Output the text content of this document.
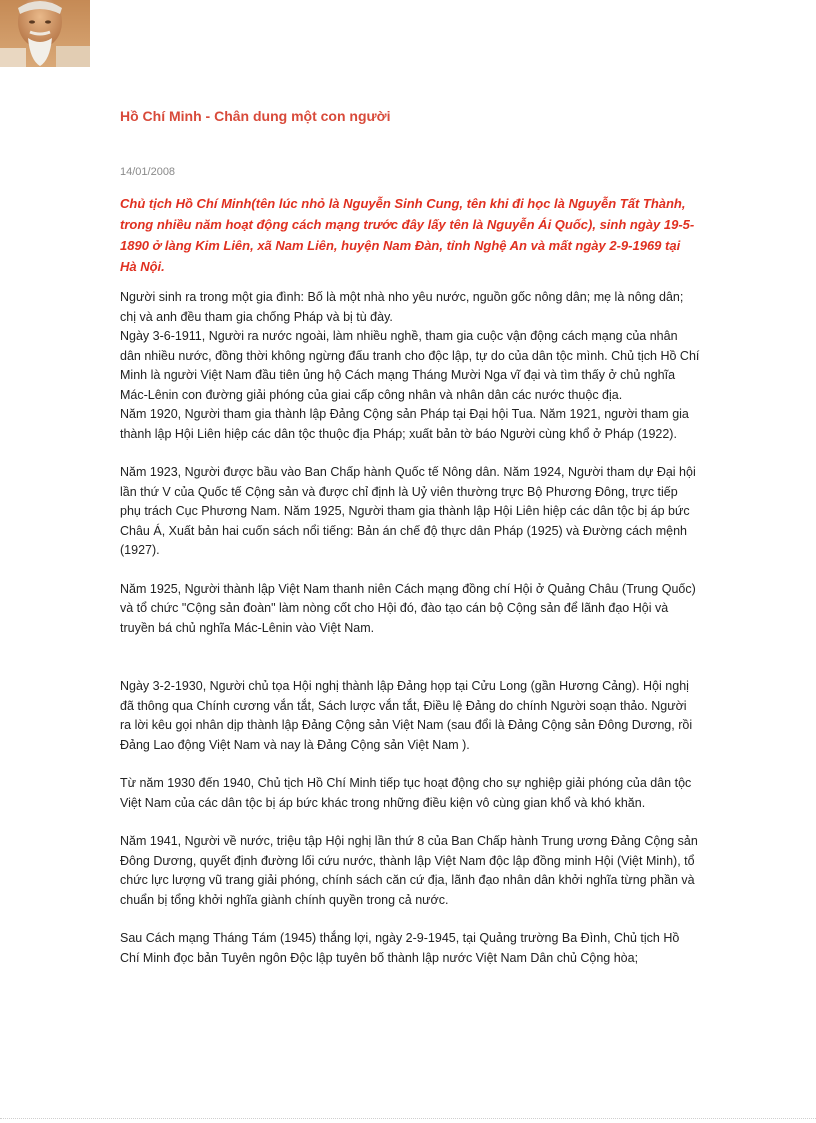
Hồ Chí Minh - Chân dung một con người
14/01/2008

Chủ tịch Hồ Chí Minh(tên lúc nhỏ là Nguyễn Sinh Cung, tên khi đi học là Nguyễn Tất Thành, trong nhiều năm hoạt động cách mạng trước đây lấy tên là Nguyễn Ái Quốc), sinh ngày 19-5-1890 ở làng Kim Liên, xã Nam Liên, huyện Nam Đàn, tỉnh Nghệ An và mất ngày 2-9-1969 tại Hà Nội.

Người sinh ra trong một gia đình: Bố là một nhà nho yêu nước, nguồn gốc nông dân; mẹ là nông dân; chị và anh đều tham gia chống Pháp và bị tù đày.
Ngày 3-6-1911, Người ra nước ngoài, làm nhiều nghề, tham gia cuộc vận động cách mạng của nhân dân nhiều nước, đồng thời không ngừng đấu tranh cho độc lập, tự do của dân tộc mình. Chủ tịch Hồ Chí Minh là người Việt Nam đầu tiên ủng hộ Cách mạng Tháng Mười Nga vĩ đại và tìm thấy ở chủ nghĩa Mác-Lênin con đường giải phóng của giai cấp công nhân và nhân dân các nước thuộc địa.
Năm 1920, Người tham gia thành lập Đảng Cộng sản Pháp tại Đại hội Tua. Năm 1921, người tham gia thành lập Hội Liên hiệp các dân tộc thuộc địa Pháp; xuất bản tờ báo Người cùng khổ ở Pháp (1922).

Năm 1923, Người được bầu vào Ban Chấp hành Quốc tế Nông dân. Năm 1924, Người tham dự Đại hội lần thứ V của Quốc tế Cộng sản và được chỉ định là Uỷ viên thường trực Bộ Phương Đông, trực tiếp phụ trách Cục Phương Nam. Năm 1925, Người tham gia thành lập Hội Liên hiệp các dân tộc bị áp bức Châu Á, Xuất bản hai cuốn sách nổi tiếng: Bản án chế độ thực dân Pháp (1925) và Đường cách mệnh (1927).

Năm 1925, Người thành lập Việt Nam thanh niên Cách mạng đồng chí Hội ở Quảng Châu (Trung Quốc) và tổ chức "Cộng sản đoàn" làm nòng cốt cho Hội đó, đào tạo cán bộ Cộng sản để lãnh đạo Hội và truyền bá chủ nghĩa Mác-Lênin vào Việt Nam.

Ngày 3-2-1930, Người chủ tọa Hội nghị thành lập Đảng họp tại Cửu Long (gần Hương Cảng). Hội nghị đã thông qua Chính cương vắn tắt, Sách lược vắn tắt, Điều lệ Đảng do chính Người soạn thảo. Người ra lời kêu gọi nhân dịp thành lập Đảng Cộng sản Việt Nam (sau đổi là Đảng Cộng sản Đông Dương, rồi Đảng Lao động Việt Nam và nay là Đảng Cộng sản Việt Nam ).

Từ năm 1930 đến 1940, Chủ tịch Hồ Chí Minh tiếp tục hoạt động cho sự nghiệp giải phóng của dân tộc Việt Nam của các dân tộc bị áp bức khác trong những điều kiện vô cùng gian khổ và khó khăn.

Năm 1941, Người về nước, triệu tập Hội nghị lần thứ 8 của Ban Chấp hành Trung ương Đảng Cộng sản Đông Dương, quyết định đường lối cứu nước, thành lập Việt Nam độc lập đồng minh Hội (Việt Minh), tổ chức lực lượng vũ trang giải phóng, chính sách căn cứ địa, lãnh đạo nhân dân khởi nghĩa từng phần và chuẩn bị tổng khởi nghĩa giành chính quyền trong cả nước.

Sau Cách mạng Tháng Tám (1945) thắng lợi, ngày 2-9-1945, tại Quảng trường Ba Đình, Chủ tịch Hồ Chí Minh đọc bản Tuyên ngôn Độc lập tuyên bố thành lập nước Việt Nam Dân chủ Cộng hòa;
